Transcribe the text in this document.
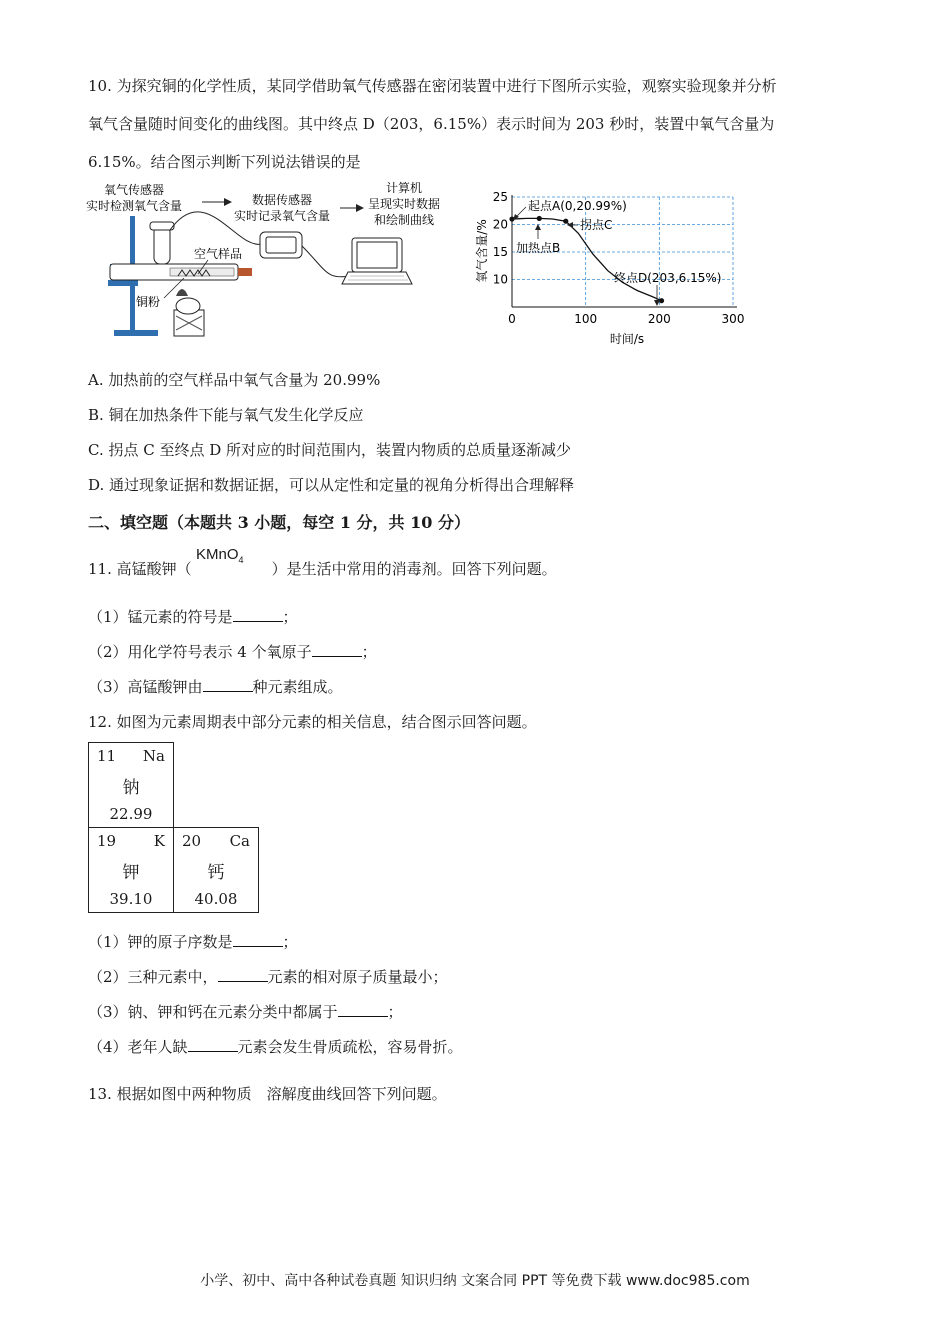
10. 为探究铜的化学性质，某同学借助氧气传感器在密闭装置中进行下图所示实验，观察实验现象并分析
氧气含量随时间变化的曲线图。其中终点 D（203，6.15%）表示时间为 203 秒时，装置中氧气含量为
6.15%。结合图示判断下列说法错误的是
氧气传感器
实时检测氧气含量	数据传感器
实时记录氧气含量
计算机
呈现实时数据
和绘制曲线
空气样品
铜粉
10
15
20
25
0	100	200	300
氧气含量/%
时间/s
起点A(0,20.99%)
加热点B
拐点C
终点D(203,6.15%)
A. 加热前的空气样品中氧气含量为 20.99%
B. 铜在加热条件下能与氧气发生化学反应
C. 拐点 C 至终点 D 所对应的时间范围内，装置内物质的总质量逐渐减少
D. 通过现象证据和数据证据，可以从定性和定量的视角分析得出合理解释
二、填空题（本题共 3 小题，每空 1 分，共 10 分）
11. 高锰酸钾（	）是生活中常用的消毒剂。回答下列问题。
KMnO$_4$
（1）锰元素的符号是	；
（2）用化学符号表示 4 个氧原子	；
（3）高锰酸钾由	种元素组成。
12. 如图为元素周期表中部分元素的相关信息，结合图示回答问题。
11 Na
钠
22.99
19	K
钾
39.10
20 Ca
钙
40.08
（1）钾的原子序数是	；
（2）三种元素中，	元素的相对原子质量最小；
（3）钠、钾和钙在元素分类中都属于	；
（4）老年人缺	元素会发生骨质疏松，容易骨折。
13. 根据如图中两种物质　溶解度曲线回答下列问题。
小学、初中、高中各种试卷真题 知识归纳 文案合同 PPT 等免费下载 www.doc985.com
